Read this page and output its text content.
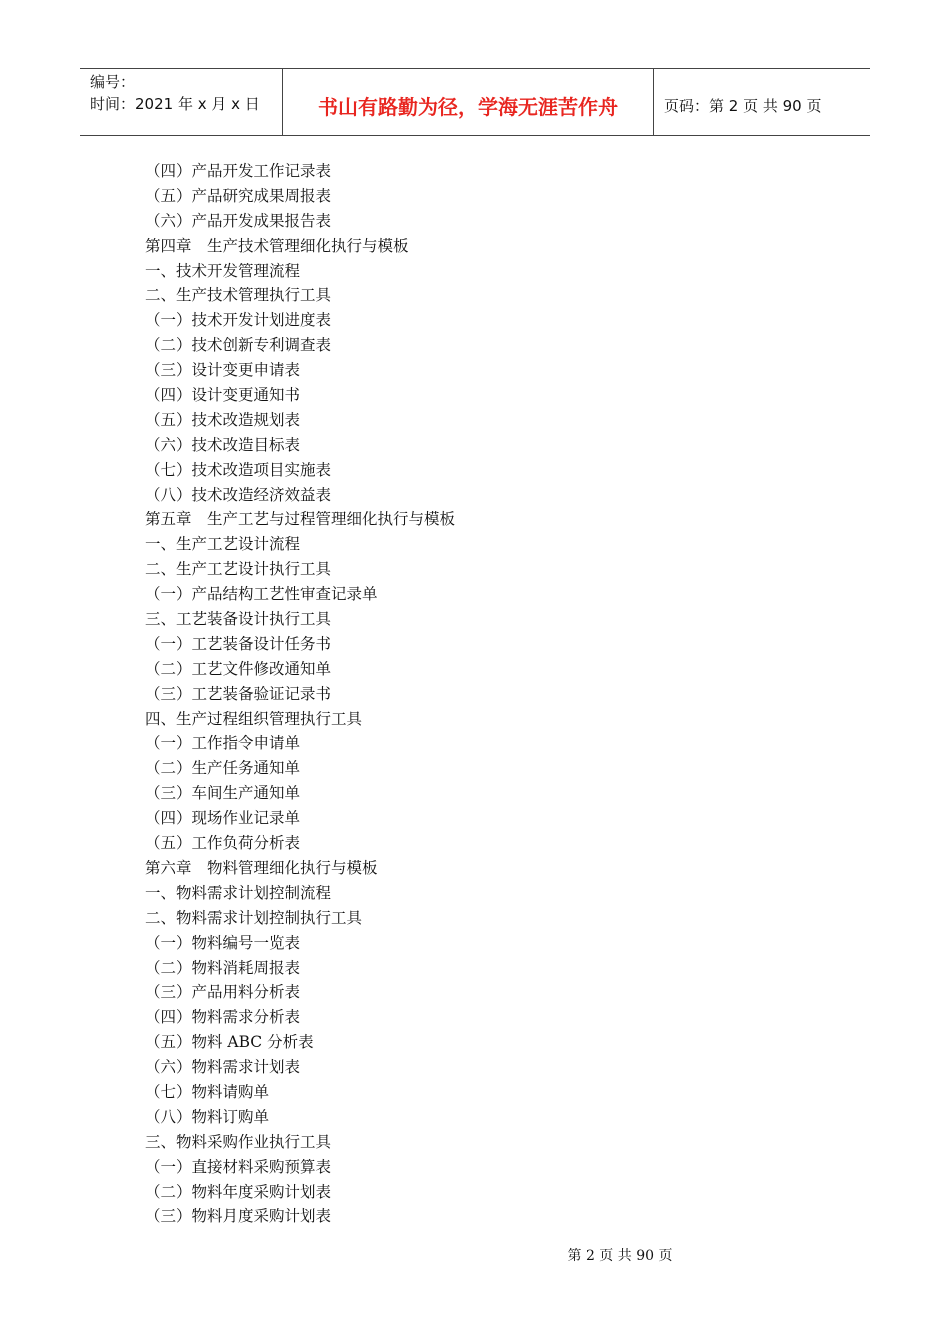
编号：
时间：2021 年 x 月 x 日	书山有路勤为径，学海无涯苦作舟	页码：第 2 页 共 90 页
（四）产品开发工作记录表
（五）产品研究成果周报表
（六）产品开发成果报告表
第四章　生产技术管理细化执行与模板
一、技术开发管理流程
二、生产技术管理执行工具
（一）技术开发计划进度表
（二）技术创新专利调查表
（三）设计变更申请表
（四）设计变更通知书
（五）技术改造规划表
（六）技术改造目标表
（七）技术改造项目实施表
（八）技术改造经济效益表
第五章　生产工艺与过程管理细化执行与模板
一、生产工艺设计流程
二、生产工艺设计执行工具
（一）产品结构工艺性审查记录单
三、工艺装备设计执行工具
（一）工艺装备设计任务书
（二）工艺文件修改通知单
（三）工艺装备验证记录书
四、生产过程组织管理执行工具
（一）工作指令申请单
（二）生产任务通知单
（三）车间生产通知单
（四）现场作业记录单
（五）工作负荷分析表
第六章　物料管理细化执行与模板
一、物料需求计划控制流程
二、物料需求计划控制执行工具
（一）物料编号一览表
（二）物料消耗周报表
（三）产品用料分析表
（四）物料需求分析表
（五）物料 ABC 分析表
（六）物料需求计划表
（七）物料请购单
（八）物料订购单
三、物料采购作业执行工具
（一）直接材料采购预算表
（二）物料年度采购计划表
（三）物料月度采购计划表
第 2 页 共 90 页
